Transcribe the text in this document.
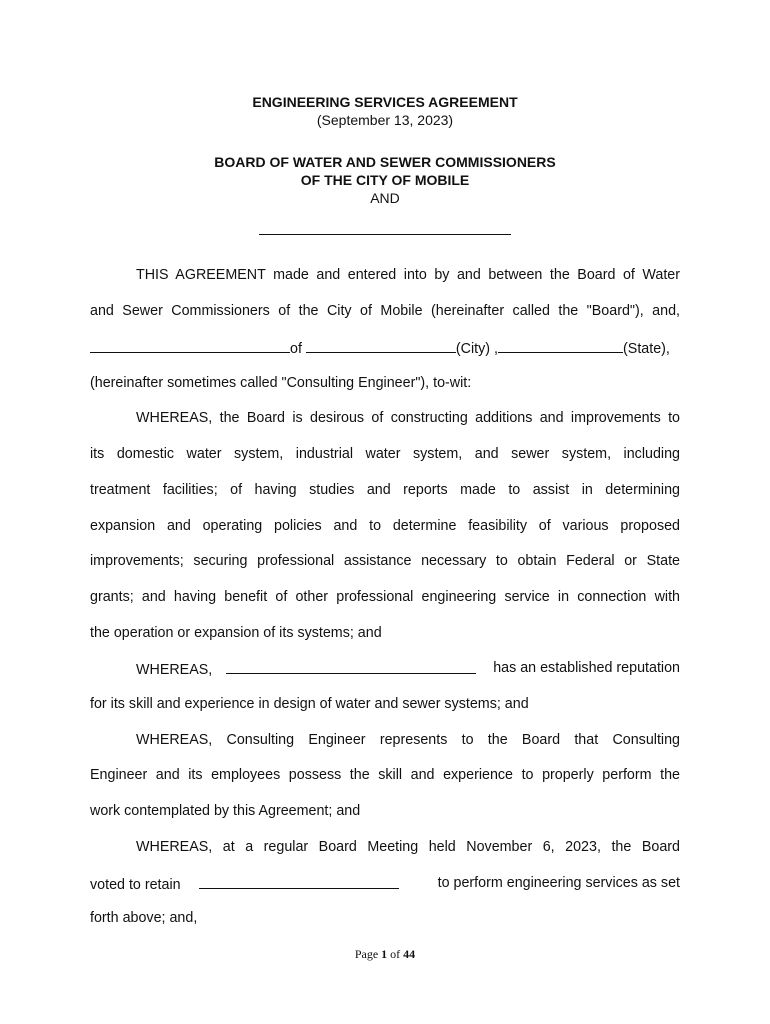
ENGINEERING SERVICES AGREEMENT
(September 13, 2023)
BOARD OF WATER AND SEWER COMMISSIONERS
OF THE CITY OF MOBILE
AND
THIS AGREEMENT made and entered into by and between the Board of Water
and Sewer Commissioners of the City of Mobile (hereinafter called the "Board"), and,
of	(City) ,	(State),
(hereinafter sometimes called "Consulting Engineer"), to-wit:
WHEREAS, the Board is desirous of constructing additions and improvements to
its domestic water system, industrial water system, and sewer system, including
treatment facilities; of having studies and reports made to assist in determining
expansion and operating policies and to determine feasibility of various proposed
improvements; securing professional assistance necessary to obtain Federal or State
grants; and having benefit of other professional engineering service in connection with
the operation or expansion of its systems; and
WHEREAS,	has an established reputation
for its skill and experience in design of water and sewer systems; and
WHEREAS, Consulting Engineer represents to the Board that Consulting
Engineer and its employees possess the skill and experience to properly perform the
work contemplated by this Agreement; and
WHEREAS, at a regular Board Meeting held November 6, 2023, the Board
voted to retain	to perform engineering services as set
forth above; and,
Page 1 of 44
